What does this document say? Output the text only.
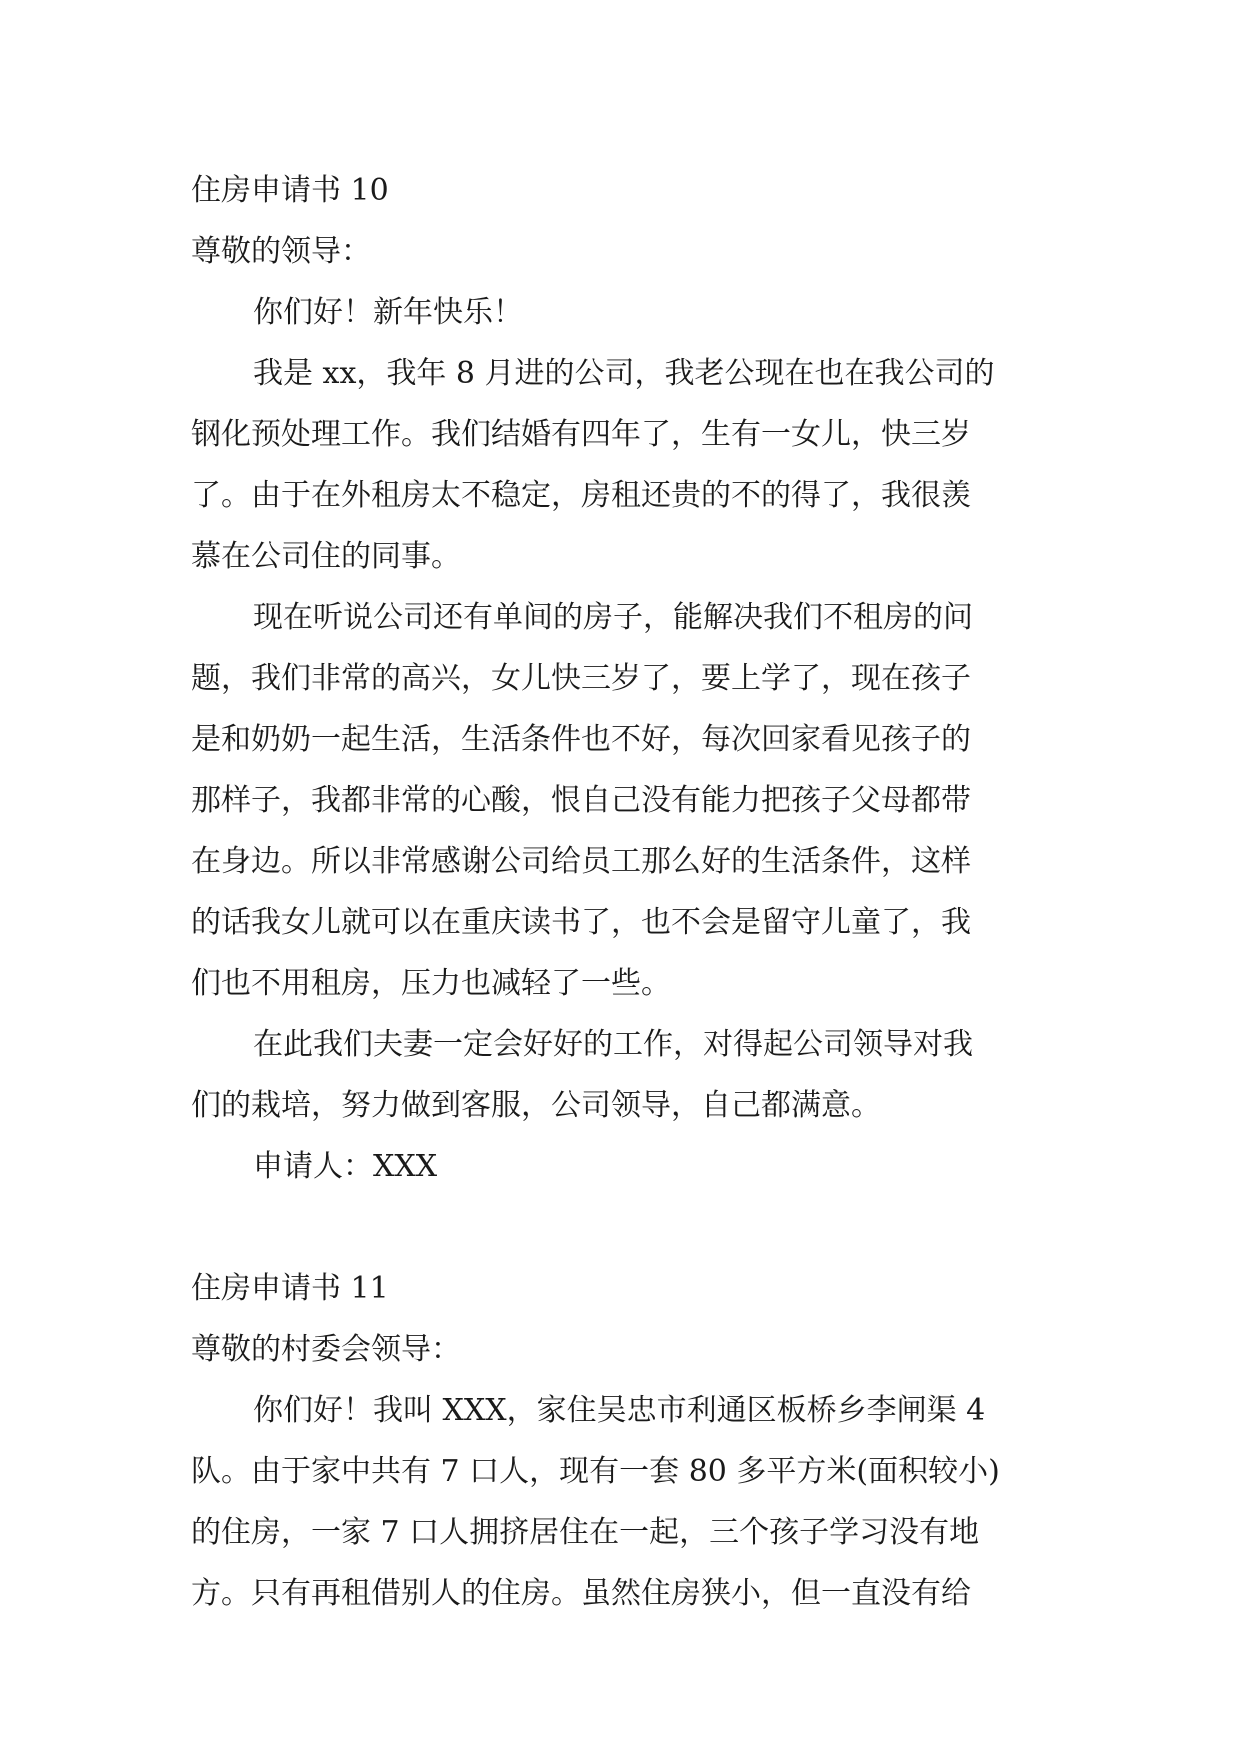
住房申请书 10

尊敬的领导：

你们好！新年快乐！

我是 xx，我年 8 月进的公司，我老公现在也在我公司的

钢化预处理工作。我们结婚有四年了，生有一女儿，快三岁

了。由于在外租房太不稳定，房租还贵的不的得了，我很羡

慕在公司住的同事。

现在听说公司还有单间的房子，能解决我们不租房的问

题，我们非常的高兴，女儿快三岁了，要上学了，现在孩子

是和奶奶一起生活，生活条件也不好，每次回家看见孩子的

那样子，我都非常的心酸，恨自己没有能力把孩子父母都带

在身边。所以非常感谢公司给员工那么好的生活条件，这样

的话我女儿就可以在重庆读书了，也不会是留守儿童了，我

们也不用租房，压力也减轻了一些。

在此我们夫妻一定会好好的工作，对得起公司领导对我

们的栽培，努力做到客服，公司领导，自己都满意。

申请人：XXX

住房申请书 11

尊敬的村委会领导：

你们好！我叫 XXX，家住吴忠市利通区板桥乡李闸渠 4

队。由于家中共有 7 口人，现有一套 80 多平方米(面积较小)

的住房，一家 7 口人拥挤居住在一起，三个孩子学习没有地

方。只有再租借别人的住房。虽然住房狭小，但一直没有给
